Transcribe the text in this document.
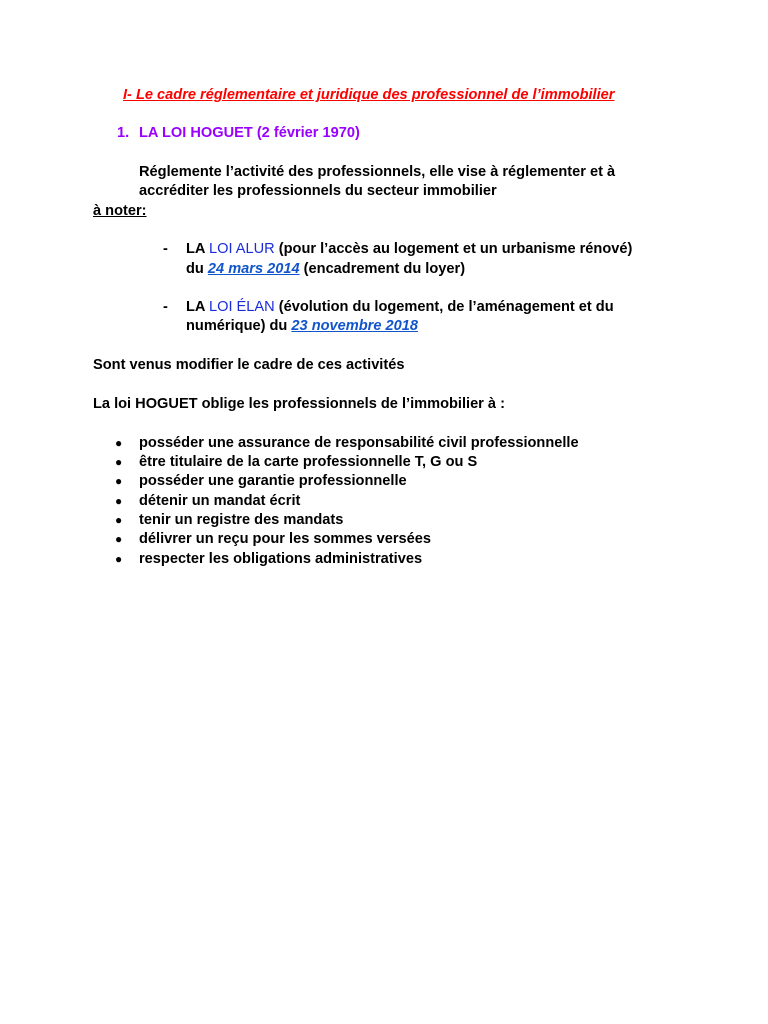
I- Le cadre réglementaire et juridique des professionnel de l’immobilier
1. LA LOI HOGUET (2 février 1970)
Réglemente l’activité des professionnels, elle vise à réglementer et à
accréditer les professionnels du secteur immobilier
à noter:
- LA LOI ALUR (pour l’accès au logement et un urbanisme rénové)
du 24 mars 2014 (encadrement du loyer)
- LA LOI ÉLAN (évolution du logement, de l’aménagement et du
numérique) du 23 novembre 2018
Sont venus modifier le cadre de ces activités
La loi HOGUET oblige les professionnels de l’immobilier à :
● posséder une assurance de responsabilité civil professionnelle
● être titulaire de la carte professionnelle T, G ou S
● posséder une garantie professionnelle
● détenir un mandat écrit
● tenir un registre des mandats
● délivrer un reçu pour les sommes versées
● respecter les obligations administratives
